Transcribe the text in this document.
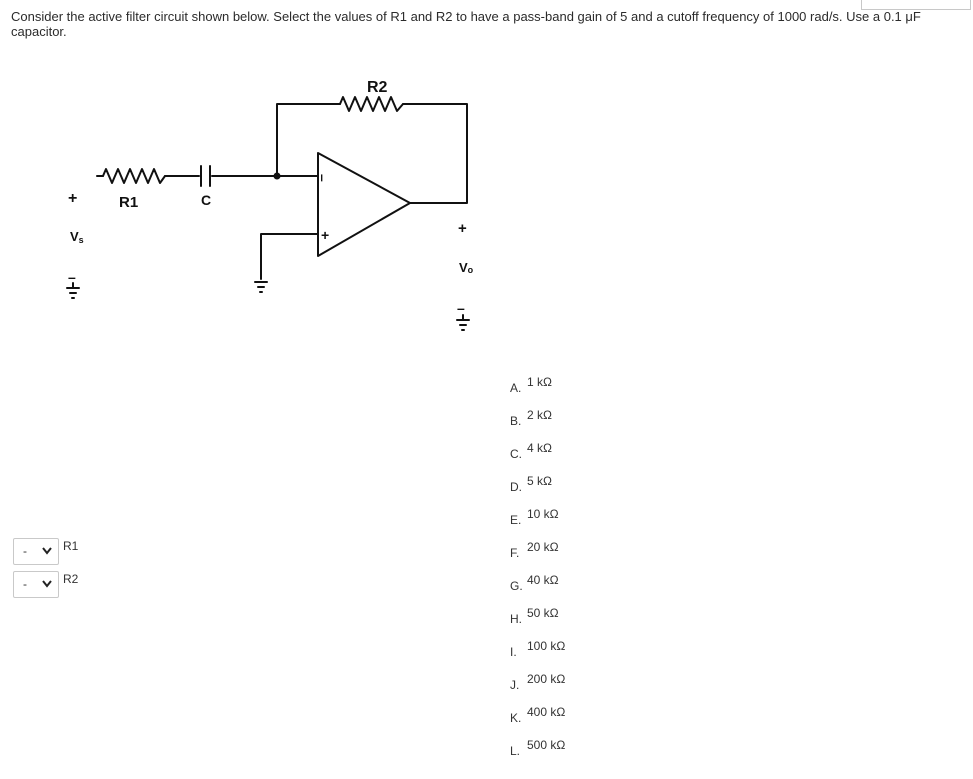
Consider the active filter circuit shown below. Select the values of R1 and R2 to have a pass-band gain of 5 and a cutoff frequency of 1000 rad/s. Use a 0.1 μF capacitor.
R2
R1	C
+
Vs
–
–
+	+
Vo
–
-	R1
-	R2
A. 1 kΩ
B. 2 kΩ
C. 4 kΩ
D. 5 kΩ
E. 10 kΩ
F. 20 kΩ
G. 40 kΩ
H. 50 kΩ
I. 100 kΩ
J. 200 kΩ
K. 400 kΩ
L. 500 kΩ
